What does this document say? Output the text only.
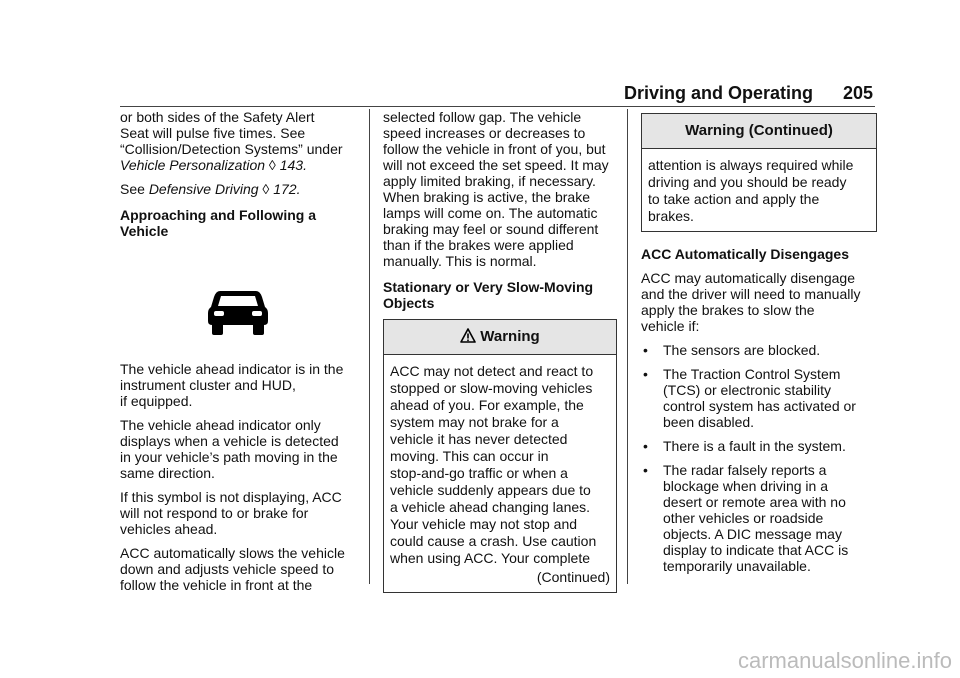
Driving and Operating 205

or both sides of the Safety Alert
Seat will pulse five times. See
“Collision/Detection Systems” under
Vehicle Personalization ◊ 143.

See Defensive Driving ◊ 172.

Approaching and Following a
Vehicle

The vehicle ahead indicator is in the
instrument cluster and HUD,
if equipped.

The vehicle ahead indicator only
displays when a vehicle is detected
in your vehicle’s path moving in the
same direction.

If this symbol is not displaying, ACC
will not respond to or brake for
vehicles ahead.

ACC automatically slows the vehicle
down and adjusts vehicle speed to
follow the vehicle in front at the

selected follow gap. The vehicle
speed increases or decreases to
follow the vehicle in front of you, but
will not exceed the set speed. It may
apply limited braking, if necessary.
When braking is active, the brake
lamps will come on. The automatic
braking may feel or sound different
than if the brakes were applied
manually. This is normal.

Stationary or Very Slow-Moving
Objects
Warning
ACC may not detect and react to
stopped or slow-moving vehicles
ahead of you. For example, the
system may not brake for a
vehicle it has never detected
moving. This can occur in
stop-and-go traffic or when a
vehicle suddenly appears due to
a vehicle ahead changing lanes.
Your vehicle may not stop and
could cause a crash. Use caution
when using ACC. Your complete
(Continued)
Warning (Continued)
attention is always required while
driving and you should be ready
to take action and apply the
brakes.
ACC Automatically Disengages

ACC may automatically disengage
and the driver will need to manually
apply the brakes to slow the
vehicle if:

• The sensors are blocked.
• The Traction Control System
(TCS) or electronic stability
control system has activated or
been disabled.
• There is a fault in the system.
• The radar falsely reports a
blockage when driving in a
desert or remote area with no
other vehicles or roadside
objects. A DIC message may
display to indicate that ACC is
temporarily unavailable.
carmanualsonline.info
